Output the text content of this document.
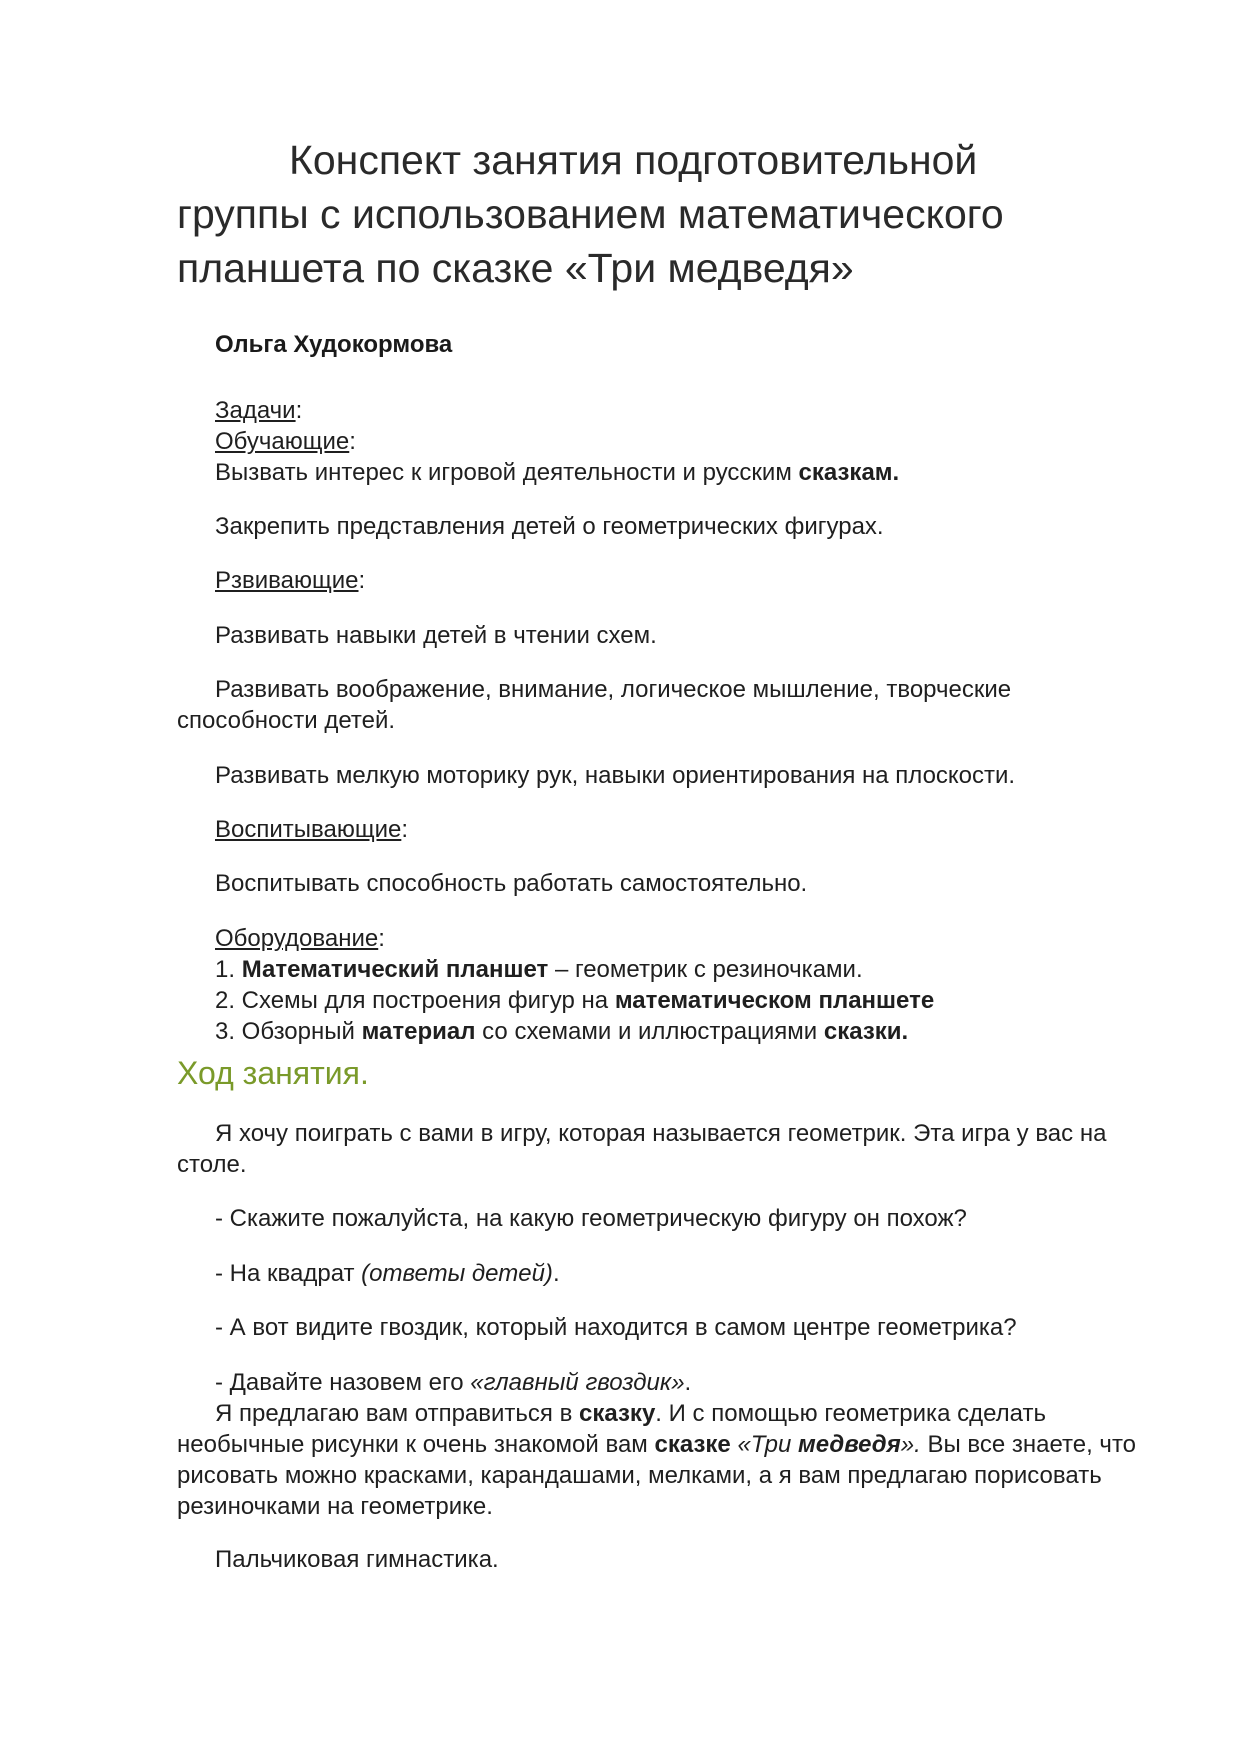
Конспект занятия подготовительной
группы с использованием математического
планшета по сказке «Три медведя»

Ольга Худокормова

Задачи:

Обучающие:

Вызвать интерес к игровой деятельности и русским сказкам.

Закрепить представления детей о геометрических фигурах.

Рзвивающие:

Развивать навыки детей в чтении схем.

Развивать воображение, внимание, логическое мышление, творческие способности детей.

Развивать мелкую моторику рук, навыки ориентирования на плоскости.

Воспитывающие:

Воспитывать способность работать самостоятельно.

Оборудование:

1. Математический планшет – геометрик с резиночками.

2. Схемы для построения фигур на математическом планшете

3. Обзорный материал со схемами и иллюстрациями сказки.

Ход занятия.

Я хочу поиграть с вами в игру, которая называется геометрик. Эта игра у вас на столе.

- Скажите пожалуйста, на какую геометрическую фигуру он похож?

- На квадрат (ответы детей).

- А вот видите гвоздик, который находится в самом центре геометрика?

- Давайте назовем его «главный гвоздик».

Я предлагаю вам отправиться в сказку. И с помощью геометрика сделать необычные рисунки к очень знакомой вам сказке «Три медведя». Вы все знаете, что рисовать можно красками, карандашами, мелками, а я вам предлагаю порисовать резиночками на геометрике.

Пальчиковая гимнастика.
